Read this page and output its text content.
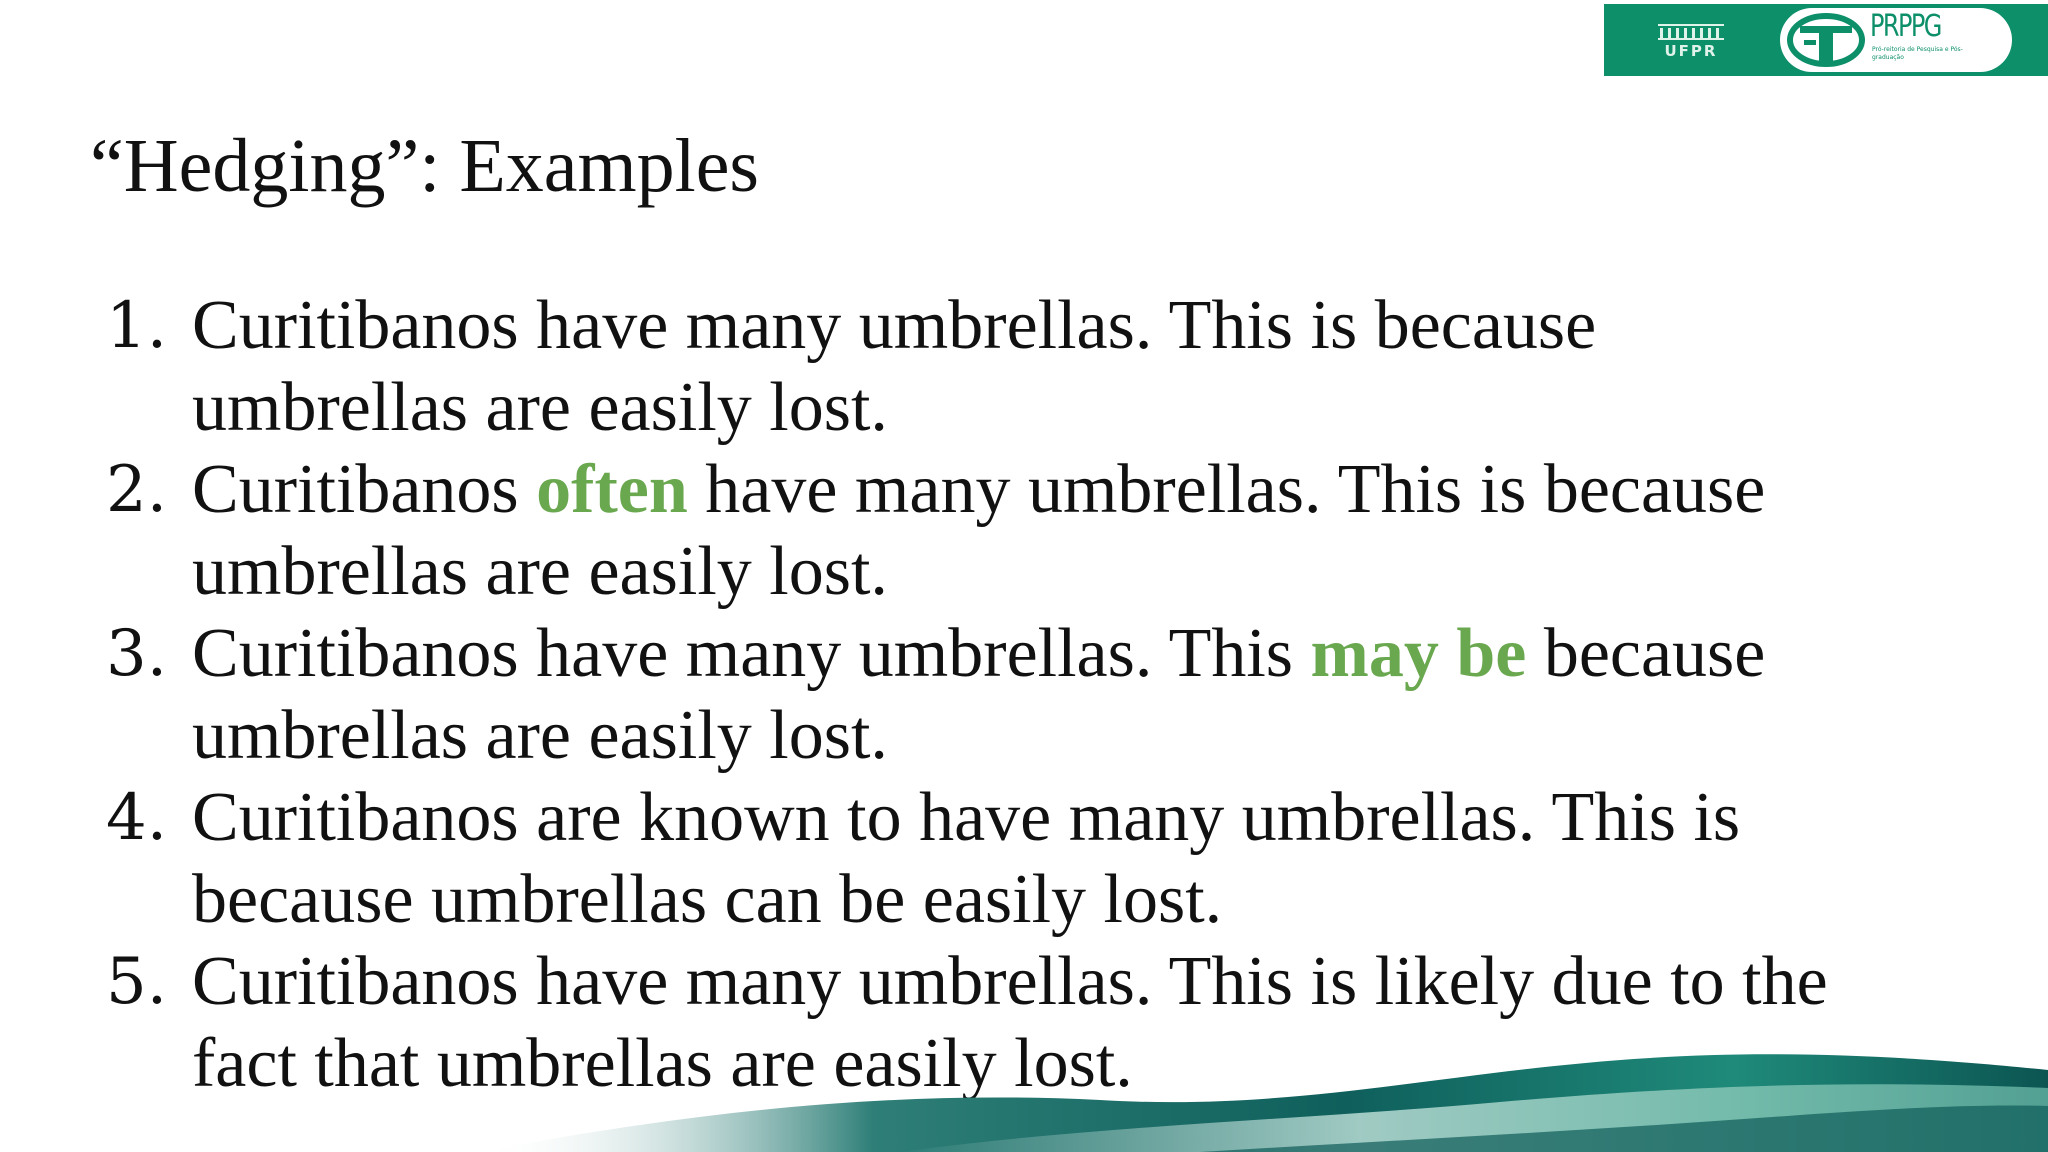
UFPR
PRPPG
Pró-reitoria de Pesquisa e Pós-graduação
“Hedging”: Examples
1. Curitibanos have many umbrellas. This is because
umbrellas are easily lost.
2. Curitibanos often have many umbrellas. This is because
umbrellas are easily lost.
3. Curitibanos have many umbrellas. This may be because
umbrellas are easily lost.
4. Curitibanos are known to have many umbrellas. This is
because umbrellas can be easily lost.
5. Curitibanos have many umbrellas. This is likely due to the
fact that umbrellas are easily lost.
